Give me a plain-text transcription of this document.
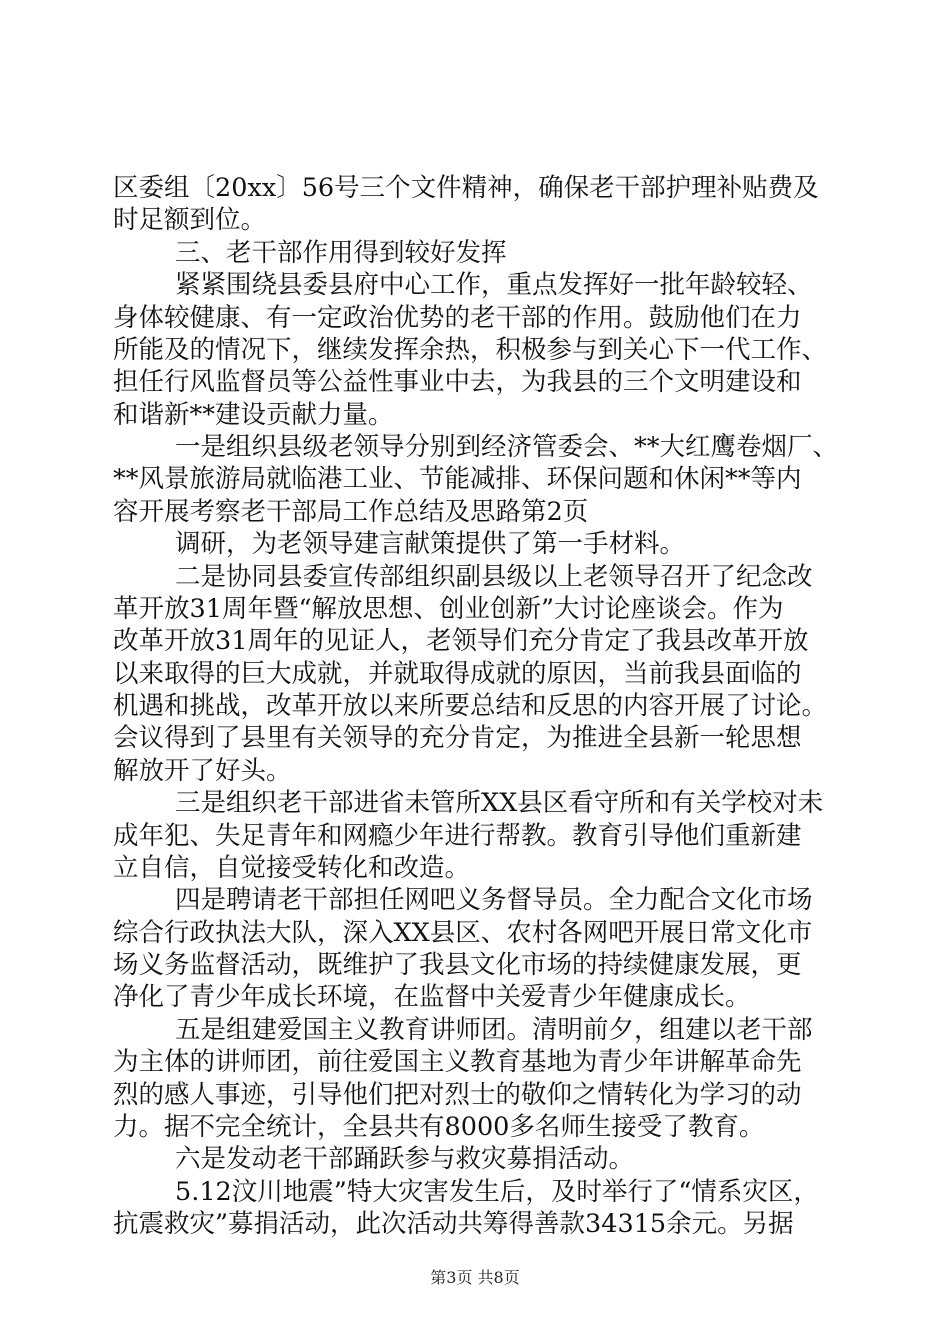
区委组〔20xx〕56号三个文件精神，确保老干部护理补贴费及
时足额到位。
三、老干部作用得到较好发挥
紧紧围绕县委县府中心工作，重点发挥好一批年龄较轻、
身体较健康、有一定政治优势的老干部的作用。鼓励他们在力
所能及的情况下，继续发挥余热，积极参与到关心下一代工作、
担任行风监督员等公益性事业中去，为我县的三个文明建设和
和谐新**建设贡献力量。
一是组织县级老领导分别到经济管委会、**大红鹰卷烟厂、
**风景旅游局就临港工业、节能减排、环保问题和休闲**等内
容开展考察老干部局工作总结及思路第2页
调研，为老领导建言献策提供了第一手材料。
二是协同县委宣传部组织副县级以上老领导召开了纪念改
革开放31周年暨“解放思想、创业创新”大讨论座谈会。作为
改革开放31周年的见证人，老领导们充分肯定了我县改革开放
以来取得的巨大成就，并就取得成就的原因，当前我县面临的
机遇和挑战，改革开放以来所要总结和反思的内容开展了讨论。
会议得到了县里有关领导的充分肯定，为推进全县新一轮思想
解放开了好头。
三是组织老干部进省未管所XX县区看守所和有关学校对未
成年犯、失足青年和网瘾少年进行帮教。教育引导他们重新建
立自信，自觉接受转化和改造。
四是聘请老干部担任网吧义务督导员。全力配合文化市场
综合行政执法大队，深入XX县区、农村各网吧开展日常文化市
场义务监督活动，既维护了我县文化市场的持续健康发展，更
净化了青少年成长环境，在监督中关爱青少年健康成长。
五是组建爱国主义教育讲师团。清明前夕，组建以老干部
为主体的讲师团，前往爱国主义教育基地为青少年讲解革命先
烈的感人事迹，引导他们把对烈士的敬仰之情转化为学习的动
力。据不完全统计，全县共有8000多名师生接受了教育。
六是发动老干部踊跃参与救灾募捐活动。
5.12汶川地震”特大灾害发生后，及时举行了“情系灾区，
抗震救灾”募捐活动，此次活动共筹得善款34315余元。另据
第3页 共8页
